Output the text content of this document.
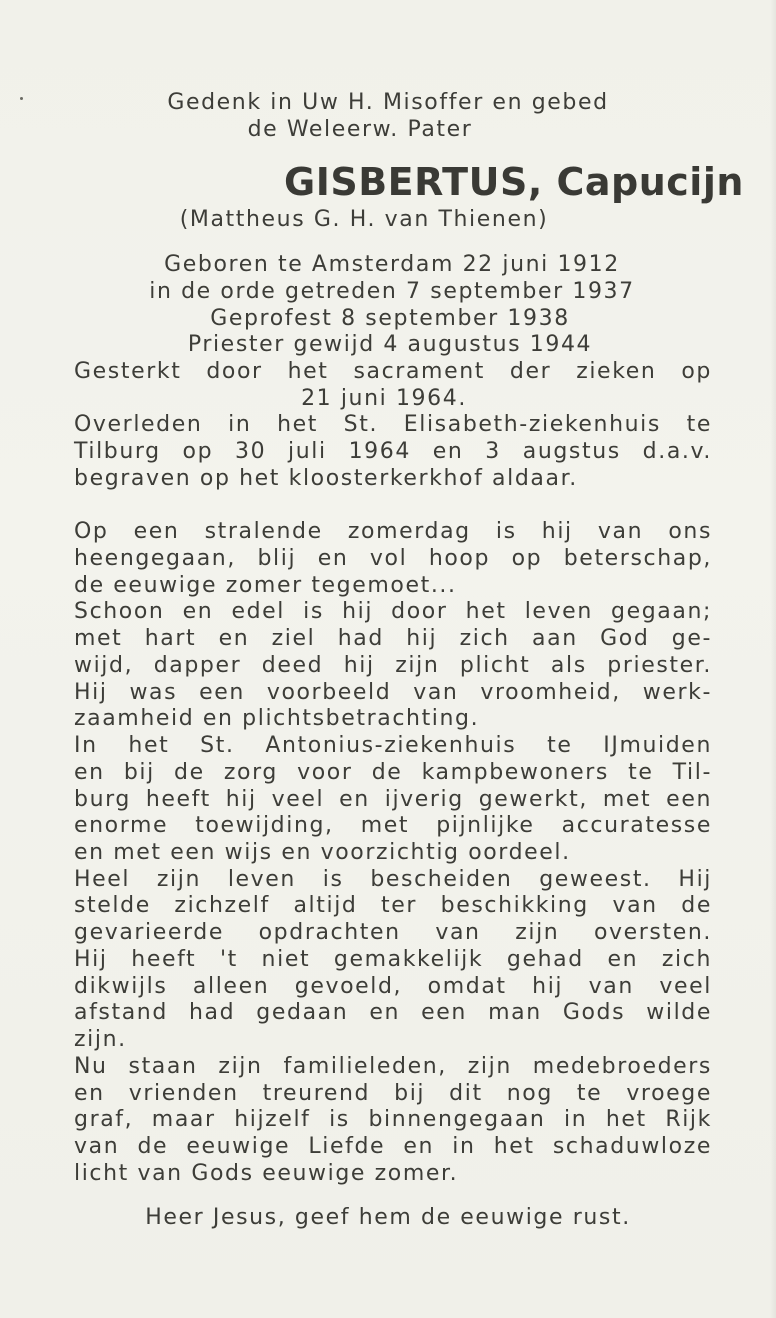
Gedenk in Uw H. Misoffer en gebed
de Weleerw. Pater
GISBERTUS, Capucijn
(Mattheus G. H. van Thienen)
Geboren te Amsterdam 22 juni 1912
in de orde getreden 7 september 1937
Geprofest 8 september 1938
Priester gewijd 4 augustus 1944
Gesterkt door het sacrament der zieken op
21 juni 1964.
Overleden in het St. Elisabeth-ziekenhuis te
Tilburg op 30 juli 1964 en 3 augstus d.a.v.
begraven op het kloosterkerkhof aldaar.
Op een stralende zomerdag is hij van ons
heengegaan, blij en vol hoop op beterschap,
de eeuwige zomer tegemoet...
Schoon en edel is hij door het leven gegaan;
met hart en ziel had hij zich aan God ge-
wijd, dapper deed hij zijn plicht als priester.
Hij was een voorbeeld van vroomheid, werk-
zaamheid en plichtsbetrachting.
In het St. Antonius-ziekenhuis te IJmuiden
en bij de zorg voor de kampbewoners te Til-
burg heeft hij veel en ijverig gewerkt, met een
enorme toewijding, met pijnlijke accuratesse
en met een wijs en voorzichtig oordeel.
Heel zijn leven is bescheiden geweest. Hij
stelde zichzelf altijd ter beschikking van de
gevarieerde opdrachten van zijn oversten.
Hij heeft 't niet gemakkelijk gehad en zich
dikwijls alleen gevoeld, omdat hij van veel
afstand had gedaan en een man Gods wilde
zijn.
Nu staan zijn familieleden, zijn medebroeders
en vrienden treurend bij dit nog te vroege
graf, maar hijzelf is binnengegaan in het Rijk
van de eeuwige Liefde en in het schaduwloze
licht van Gods eeuwige zomer.
Heer Jesus, geef hem de eeuwige rust.
